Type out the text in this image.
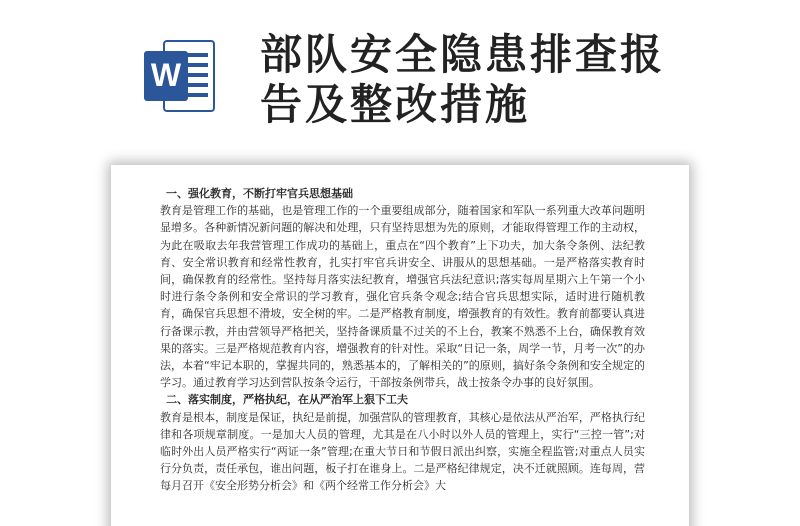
W 部队安全隐患排查报告及整改措施

一、强化教育，不断打牢官兵思想基础

教育是管理工作的基础，也是管理工作的一个重要组成部分，随着国家和军队一系列重大改革问题明显增多。各种新情况新问题的解决和处理，只有坚持思想为先的原则，才能取得管理工作的主动权，为此在吸取去年我营管理工作成功的基础上，重点在“四个教育”上下功夫，加大条令条例、法纪教育、安全常识教育和经常性教育，扎实打牢官兵讲安全、讲服从的思想基础。一是严格落实教育时间，确保教育的经常性。坚持每月落实法纪教育，增强官兵法纪意识;落实每周星期六上午第一个小时进行条令条例和安全常识的学习教育，强化官兵条令观念;结合官兵思想实际，适时进行随机教育，确保官兵思想不滑坡，安全树的牢。二是严格教育制度，增强教育的有效性。教育前都要认真进行备课示教，并由营领导严格把关，坚持备课质量不过关的不上台，教案不熟悉不上台，确保教育效果的落实。三是严格规范教育内容，增强教育的针对性。采取“日记一条，周学一节，月考一次”的办法，本着“牢记本职的，掌握共同的，熟悉基本的，了解相关的”的原则，搞好条令条例和安全规定的学习。通过教育学习达到营队按条令运行，干部按条例带兵，战士按条令办事的良好氛围。

二、落实制度，严格执纪，在从严治军上狠下工夫

教育是根本，制度是保证，执纪是前提，加强营队的管理教育，其核心是依法从严治军，严格执行纪律和各项规章制度。一是加大人员的管理，尤其是在八小时以外人员的管理上，实行“三控一管”;对临时外出人员严格实行“两证一条”管理;在重大节日和节假日派出纠察，实施全程监管;对重点人员实行分负责，责任承包，谁出问题，板子打在谁身上。二是严格纪律规定，决不迁就照顾。连每周，营每月召开《安全形势分析会》和《两个经常工作分析会》大
